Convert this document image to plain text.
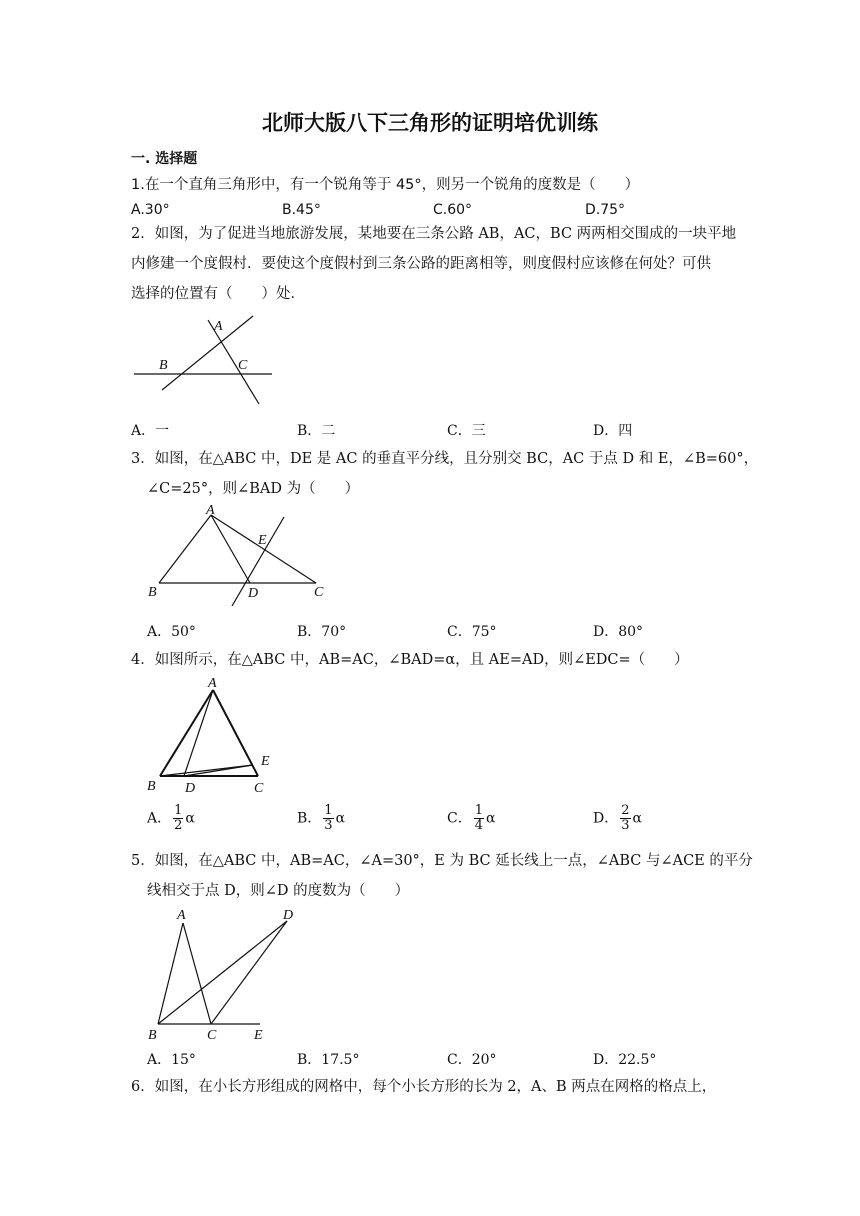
北师大版八下三角形的证明培优训练
一. 选择题
1.在一个直角三角形中，有一个锐角等于 45°，则另一个锐角的度数是（　　）
A.30°	B.45°	C.60°	D.75°
2．如图，为了促进当地旅游发展，某地要在三条公路 AB，AC，BC 两两相交围成的一块平地
内修建一个度假村．要使这个度假村到三条公路的距离相等，则度假村应该修在何处？可供
选择的位置有（　　）处．
A
B	C
A．一	B．二	C．三	D．四
3．如图，在△ABC 中，DE 是 AC 的垂直平分线，且分别交 BC，AC 于点 D 和 E，∠B=60°，
∠C=25°，则∠BAD 为（　　）
A
E
B	D	C
A．50°	B．70°	C．75°	D．80°
4．如图所示，在△ABC 中，AB=AC，∠BAD=α，且 AE=AD，则∠EDC=（　　）
A
E
B D	C
A． $\frac{1}{2}$ α	B． $\frac{1}{3}$ α	C． $\frac{1}{4}$ α	D． $\frac{2}{3}$ α
5．如图，在△ABC 中，AB=AC，∠A=30°，E 为 BC 延长线上一点，∠ABC 与∠ACE 的平分
线相交于点 D，则∠D 的度数为（　　）
A	D
B	C	E
A．15°	B．17.5°	C．20°	D．22.5°
6．如图，在小长方形组成的网格中，每个小长方形的长为 2，A、B 两点在网格的格点上，
